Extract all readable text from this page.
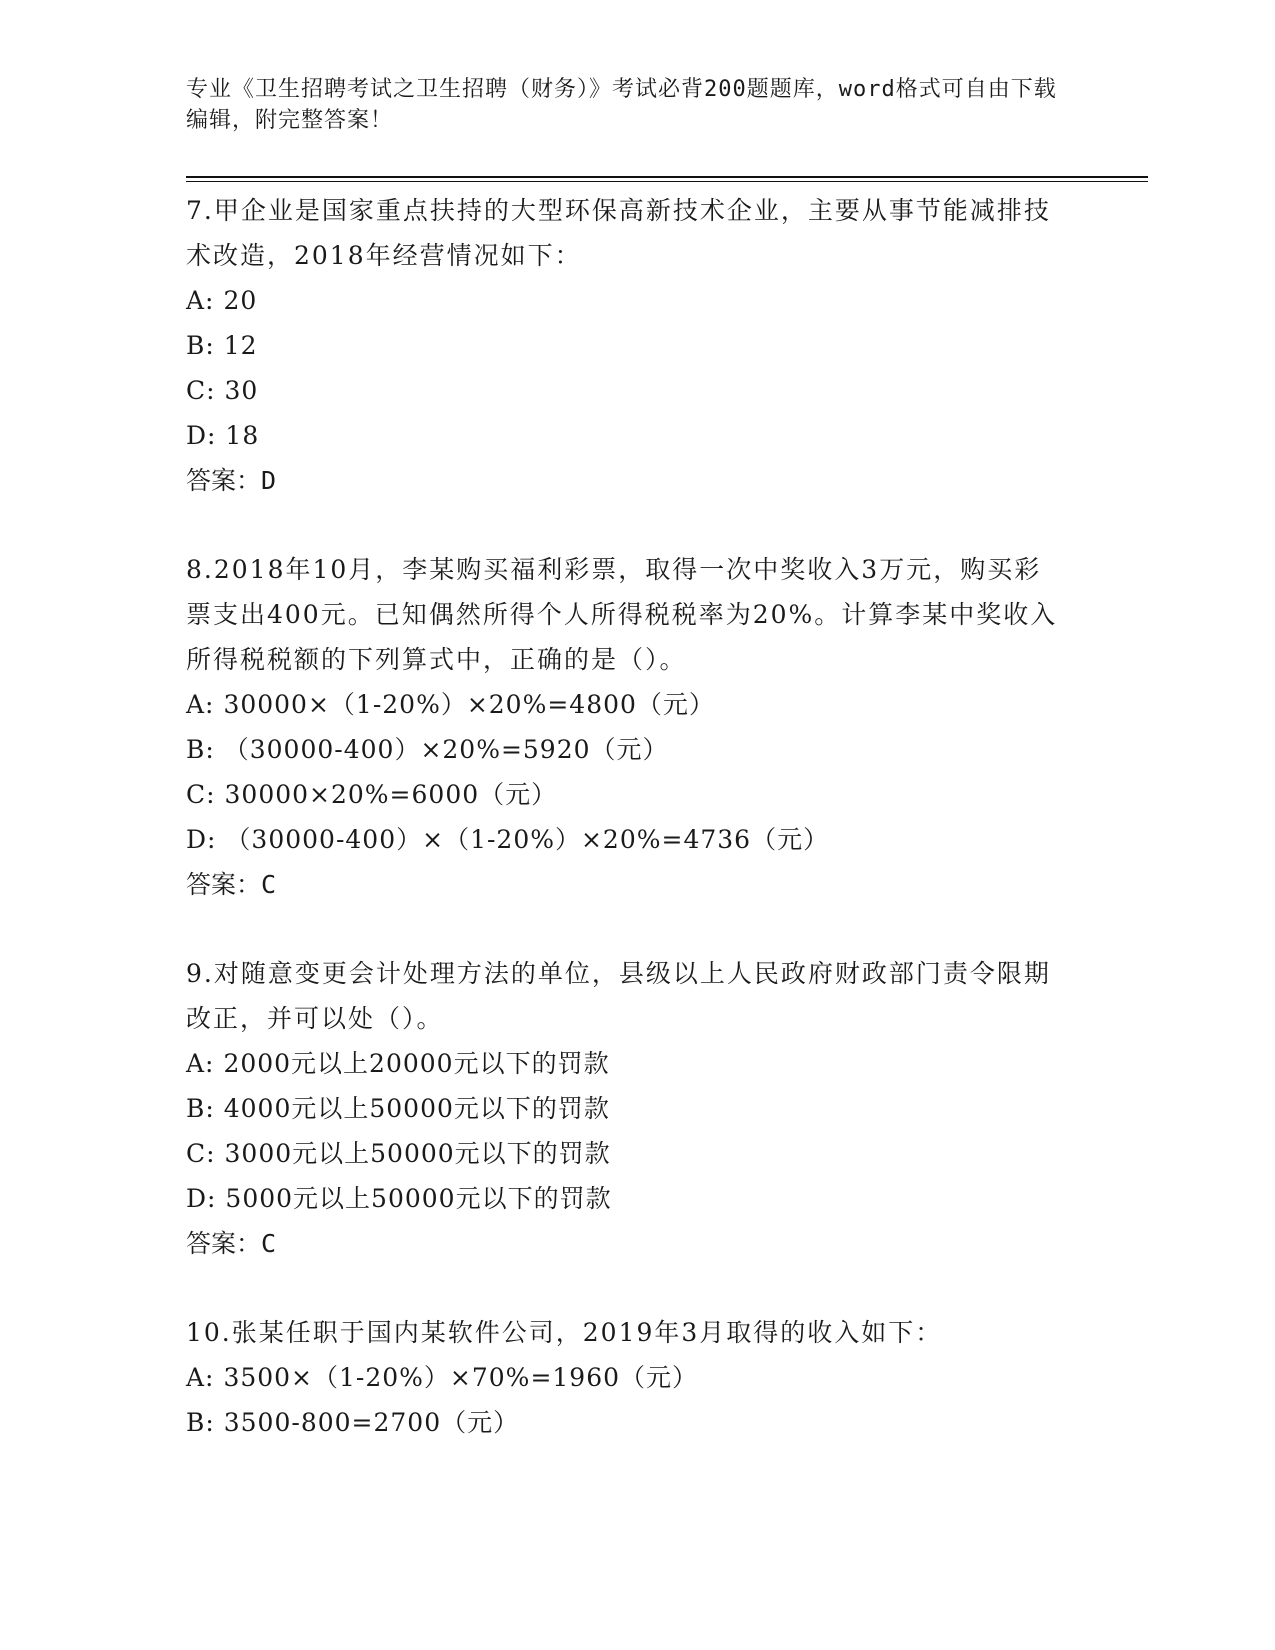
专业《卫生招聘考试之卫生招聘（财务）》考试必背200题题库，word格式可自由下载编辑，附完整答案！
7.甲企业是国家重点扶持的大型环保高新技术企业，主要从事节能减排技术改造，2018年经营情况如下：
A: 20
B: 12
C: 30
D: 18
答案：D
8.2018年10月，李某购买福利彩票，取得一次中奖收入3万元，购买彩票支出400元。已知偶然所得个人所得税税率为20%。计算李某中奖收入所得税税额的下列算式中，正确的是（）。
A: 30000×（1-20%）×20%=4800（元）
B: （30000-400）×20%=5920（元）
C: 30000×20%=6000（元）
D: （30000-400）×（1-20%）×20%=4736（元）
答案：C
9.对随意变更会计处理方法的单位，县级以上人民政府财政部门责令限期改正，并可以处（）。
A: 2000元以上20000元以下的罚款
B: 4000元以上50000元以下的罚款
C: 3000元以上50000元以下的罚款
D: 5000元以上50000元以下的罚款
答案：C
10.张某任职于国内某软件公司，2019年3月取得的收入如下：
A: 3500×（1-20%）×70%=1960（元）
B: 3500-800=2700（元）
